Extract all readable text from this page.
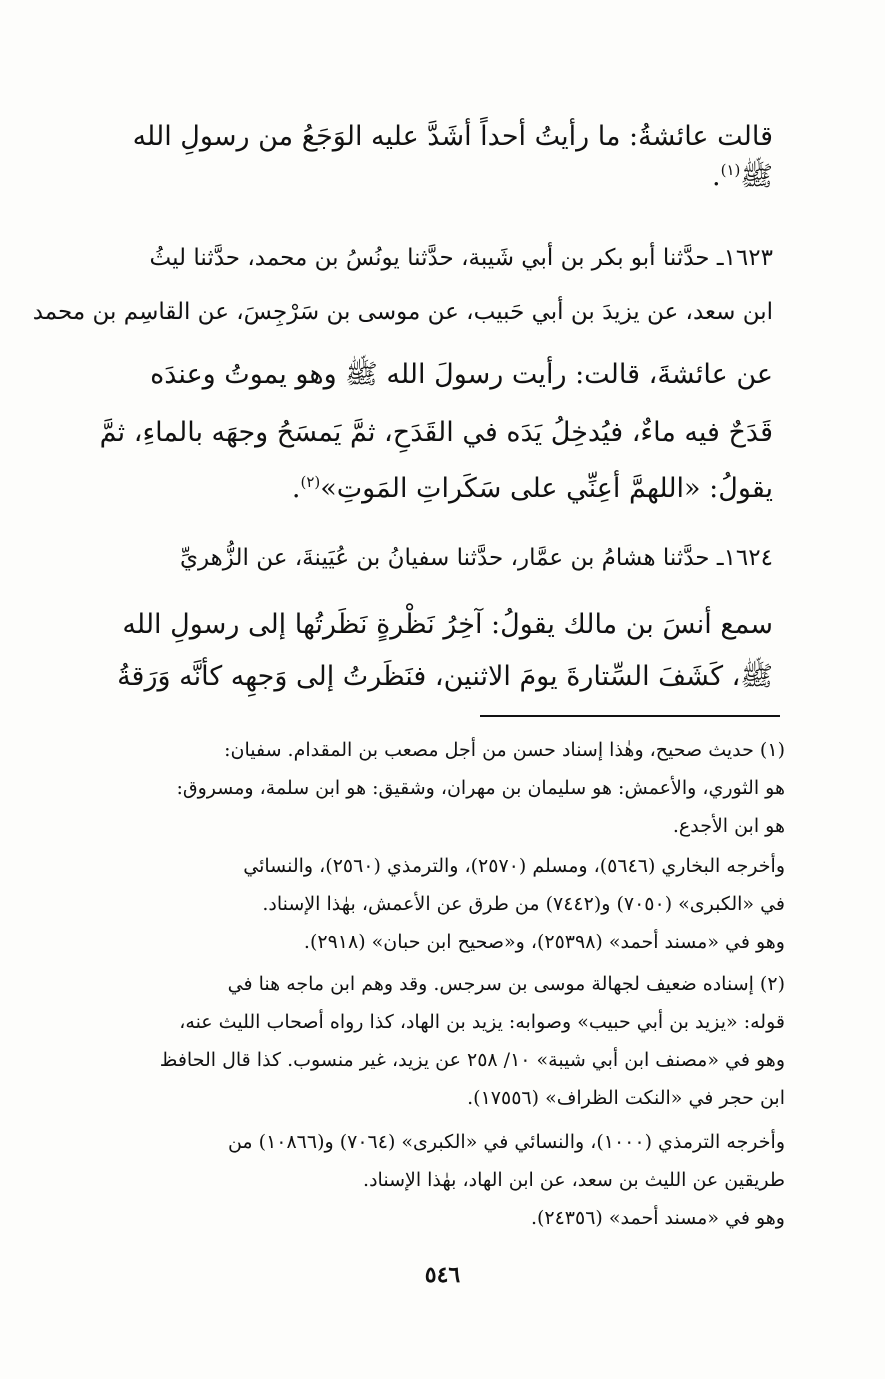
قالت عائشةُ: ما رأيتُ أحداً أشَدَّ عليه الوَجَعُ من رسولِ الله
ﷺ$^{(١)}$.
١٦٢٣ـ حدَّثنا أبو بكر بن أبي شَيبة، حدَّثنا يونُسُ بن محمد، حدَّثنا ليثُ
ابن سعد، عن يزيدَ بن أبي حَبيب، عن موسى بن سَرْجِسَ، عن القاسِم بن محمد
عن عائشةَ، قالت: رأيت رسولَ الله ﷺ وهو يموتُ وعندَه
قَدَحٌ فيه ماءٌ، فيُدخِلُ يَدَه في القَدَحِ، ثمَّ يَمسَحُ وجهَه بالماءِ، ثمَّ
يقولُ: «اللهمَّ أعِنِّي على سَكَراتِ المَوتِ»$^{(٢)}$.
١٦٢٤ـ حدَّثنا هشامُ بن عمَّار، حدَّثنا سفيانُ بن عُيَينةَ، عن الزُّهريِّ
سمع أنسَ بن مالك يقولُ: آخِرُ نَظْرةٍ نَظَرتُها إلى رسولِ الله
ﷺ، كَشَفَ السِّتارةَ يومَ الاثنين، فنَظَرتُ إلى وَجهِه كأنَّه وَرَقةُ
(١) حديث صحيح، وهٰذا إسناد حسن من أجل مصعب بن المقدام. سفيان:
هو الثوري، والأعمش: هو سليمان بن مهران، وشقيق: هو ابن سلمة، ومسروق:
هو ابن الأجدع.
وأخرجه البخاري (٥٦٤٦)، ومسلم (٢٥٧٠)، والترمذي (٢٥٦٠)، والنسائي
في «الكبرى» (٧٠٥٠) و(٧٤٤٢) من طرق عن الأعمش، بهٰذا الإسناد.
وهو في «مسند أحمد» (٢٥٣٩٨)، و«صحيح ابن حبان» (٢٩١٨).
(٢) إسناده ضعيف لجهالة موسى بن سرجس. وقد وهم ابن ماجه هنا في
قوله: «يزيد بن أبي حبيب» وصوابه: يزيد بن الهاد، كذا رواه أصحاب الليث عنه،
وهو في «مصنف ابن أبي شيبة» ١٠/ ٢٥٨ عن يزيد، غير منسوب. كذا قال الحافظ
ابن حجر في «النكت الظراف» (١٧٥٥٦).
وأخرجه الترمذي (١٠٠٠)، والنسائي في «الكبرى» (٧٠٦٤) و(١٠٨٦٦) من
طريقين عن الليث بن سعد، عن ابن الهاد، بهٰذا الإسناد.
وهو في «مسند أحمد» (٢٤٣٥٦).
٥٤٦
